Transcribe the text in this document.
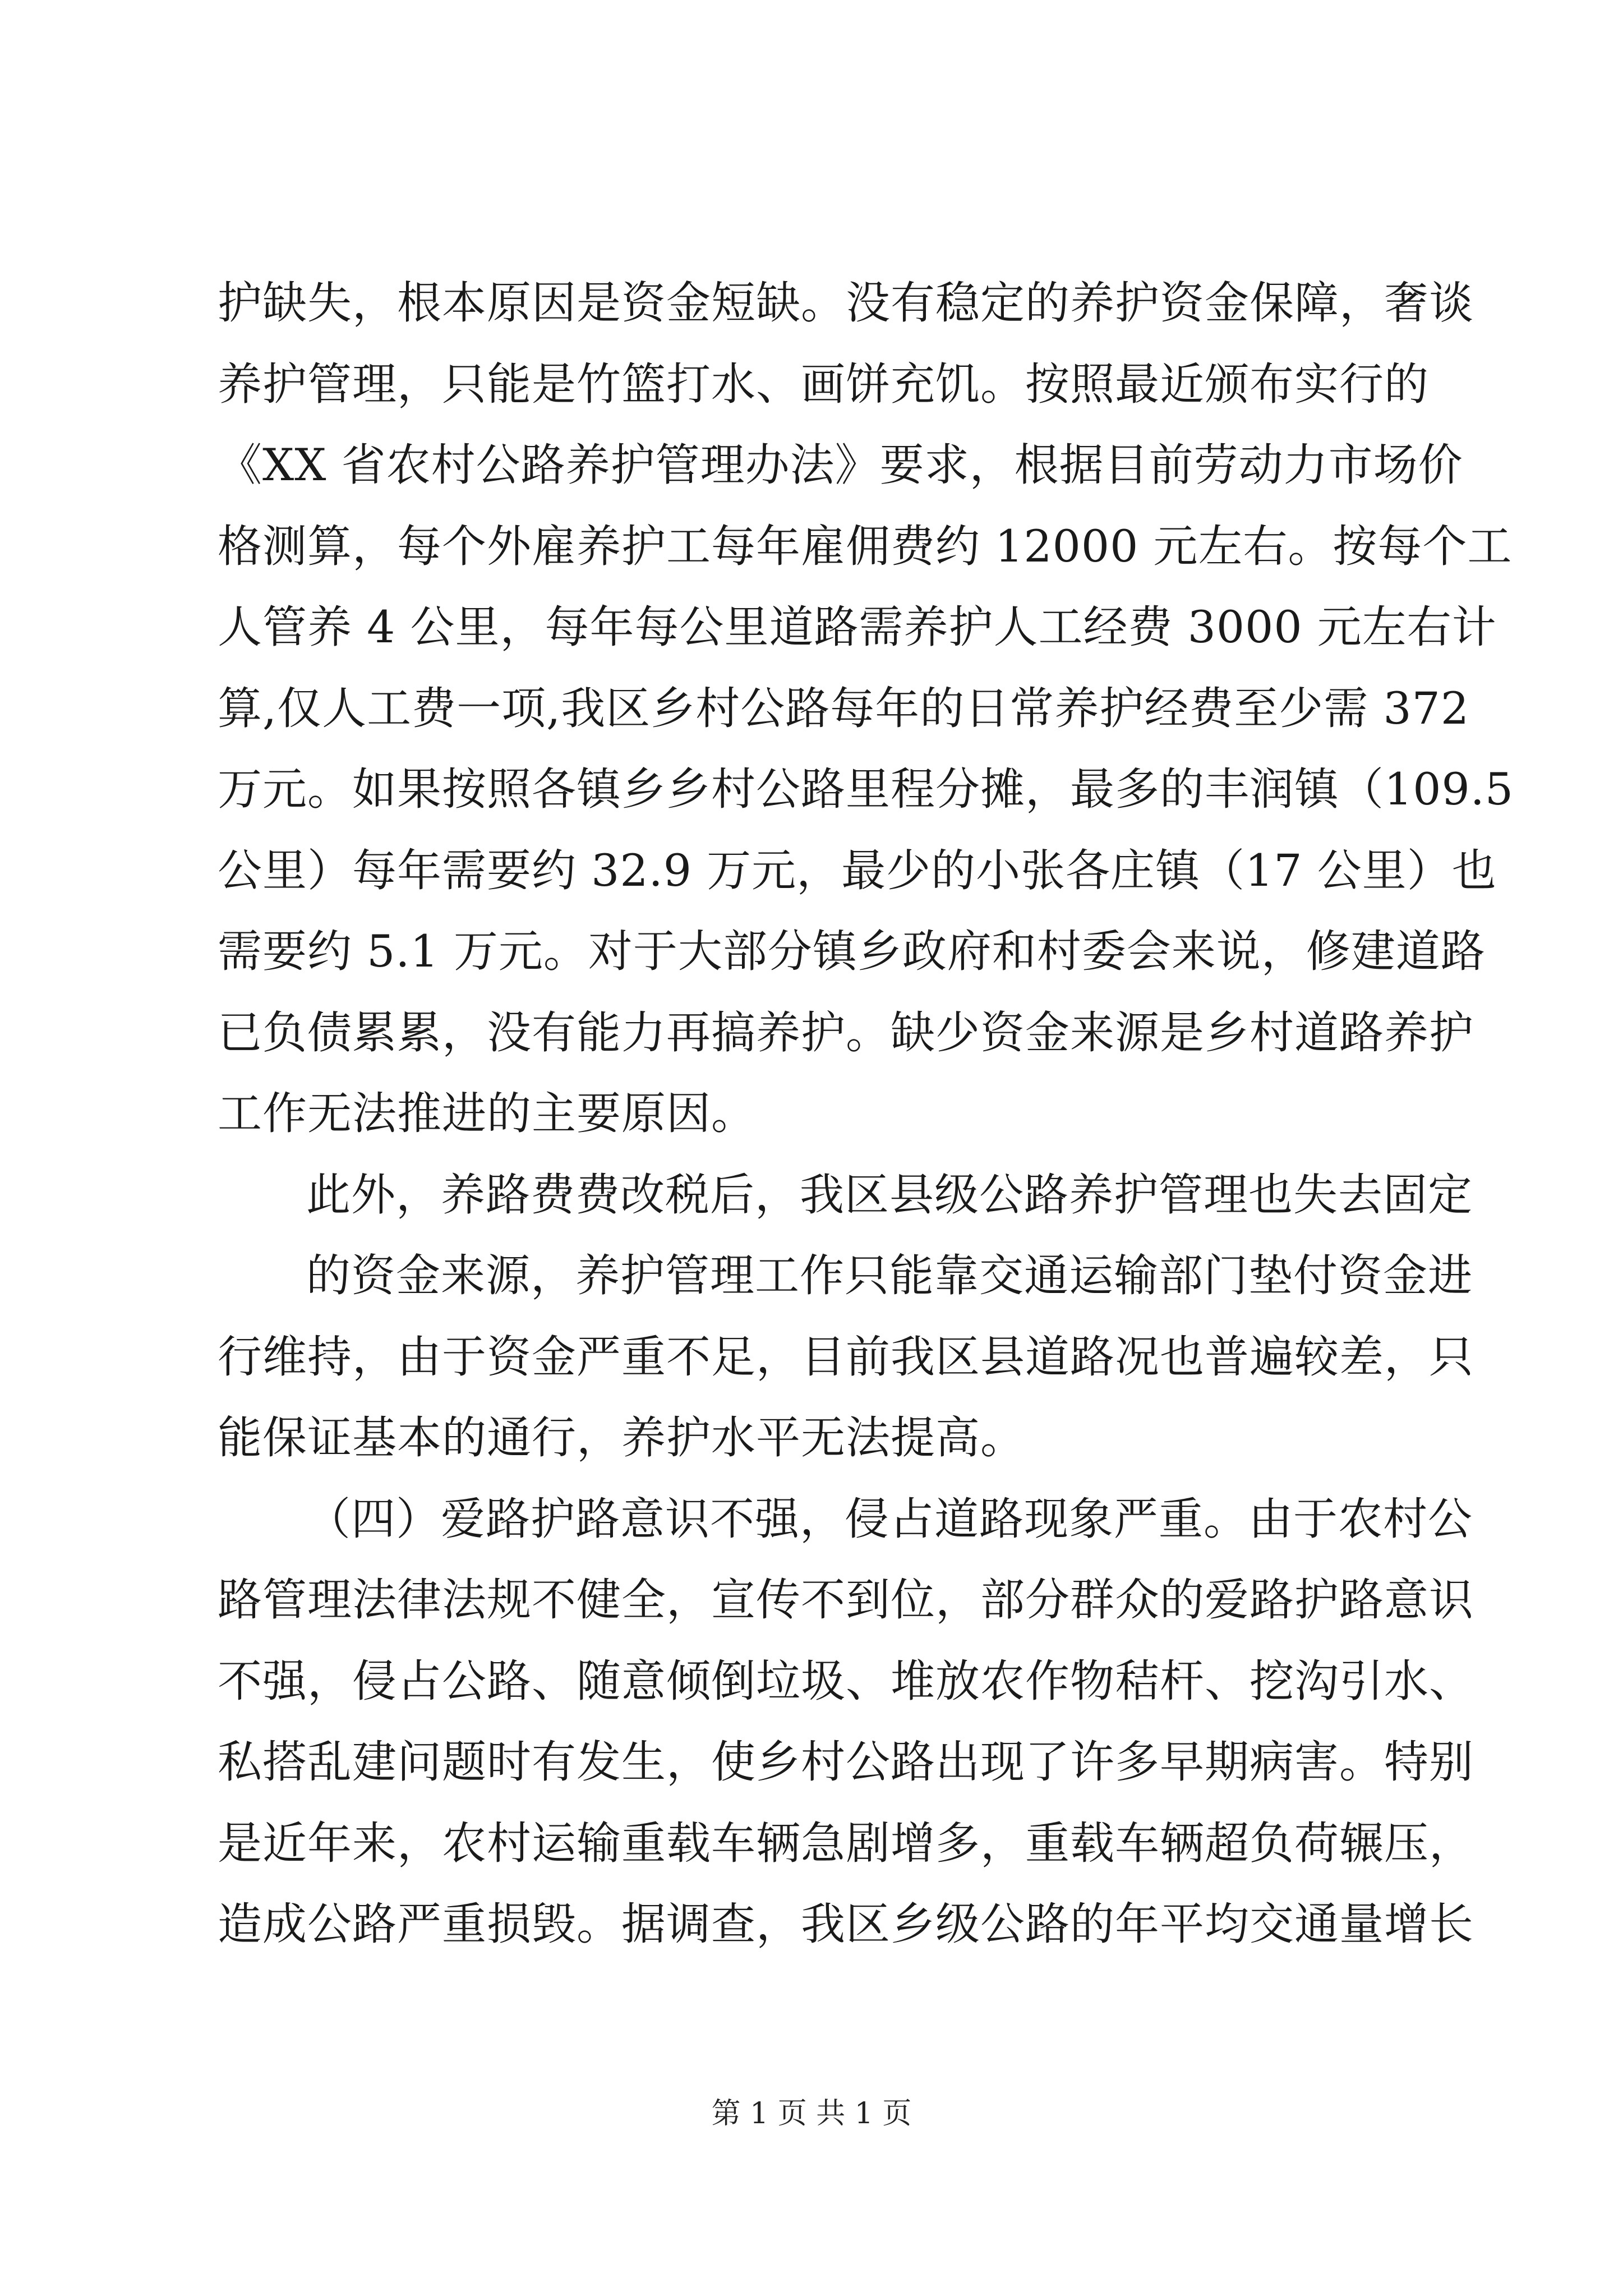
护缺失，根本原因是资金短缺。没有稳定的养护资金保障，奢谈
养护管理，只能是竹篮打水、画饼充饥。按照最近颁布实行的
《XX 省农村公路养护管理办法》要求，根据目前劳动力市场价
格测算，每个外雇养护工每年雇佣费约 12000 元左右。按每个工
人管养 4 公里，每年每公里道路需养护人工经费 3000 元左右计
算,仅人工费一项,我区乡村公路每年的日常养护经费至少需 372
万元。如果按照各镇乡乡村公路里程分摊，最多的丰润镇（109.5
公里）每年需要约 32.9 万元，最少的小张各庄镇（17 公里）也
需要约 5.1 万元。对于大部分镇乡政府和村委会来说，修建道路
已负债累累，没有能力再搞养护。缺少资金来源是乡村道路养护
工作无法推进的主要原因。
此外，养路费费改税后，我区县级公路养护管理也失去固定
的资金来源，养护管理工作只能靠交通运输部门垫付资金进
行维持，由于资金严重不足，目前我区县道路况也普遍较差，只
能保证基本的通行，养护水平无法提高。
（四）爱路护路意识不强，侵占道路现象严重。由于农村公
路管理法律法规不健全，宣传不到位，部分群众的爱路护路意识
不强，侵占公路、随意倾倒垃圾、堆放农作物秸杆、挖沟引水、
私搭乱建问题时有发生，使乡村公路出现了许多早期病害。特别
是近年来，农村运输重载车辆急剧增多，重载车辆超负荷辗压，
造成公路严重损毁。据调查，我区乡级公路的年平均交通量增长
第 1 页 共 1 页
